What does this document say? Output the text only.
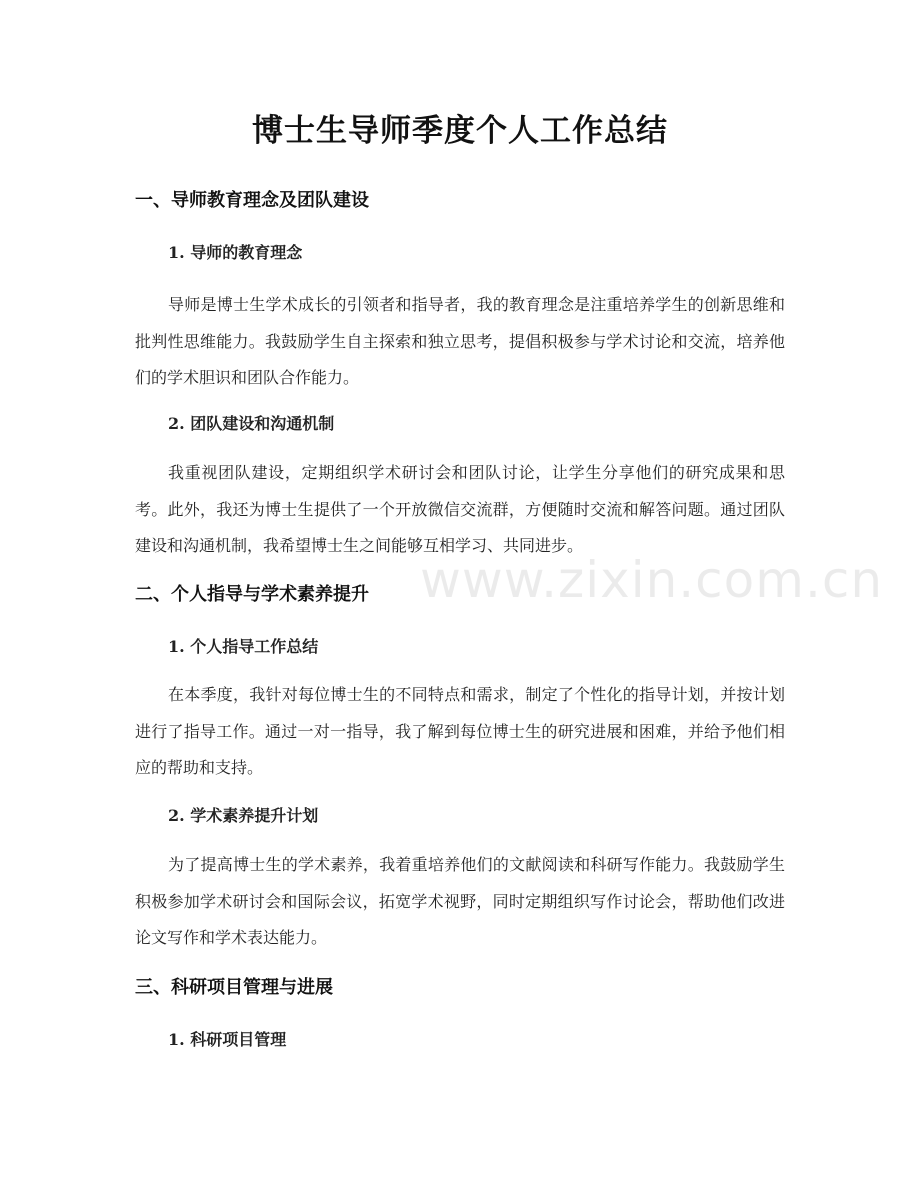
博士生导师季度个人工作总结
一、导师教育理念及团队建设
1. 导师的教育理念

导师是博士生学术成长的引领者和指导者，我的教育理念是注重培养学生的创新思维和批判性思维能力。我鼓励学生自主探索和独立思考，提倡积极参与学术讨论和交流，培养他们的学术胆识和团队合作能力。

2. 团队建设和沟通机制

我重视团队建设，定期组织学术研讨会和团队讨论，让学生分享他们的研究成果和思考。此外，我还为博士生提供了一个开放微信交流群，方便随时交流和解答问题。通过团队建设和沟通机制，我希望博士生之间能够互相学习、共同进步。

二、个人指导与学术素养提升
1. 个人指导工作总结

在本季度，我针对每位博士生的不同特点和需求，制定了个性化的指导计划，并按计划进行了指导工作。通过一对一指导，我了解到每位博士生的研究进展和困难，并给予他们相应的帮助和支持。

2. 学术素养提升计划

为了提高博士生的学术素养，我着重培养他们的文献阅读和科研写作能力。我鼓励学生积极参加学术研讨会和国际会议，拓宽学术视野，同时定期组织写作讨论会，帮助他们改进论文写作和学术表达能力。

三、科研项目管理与进展
1. 科研项目管理
www.zixin.com.cn
